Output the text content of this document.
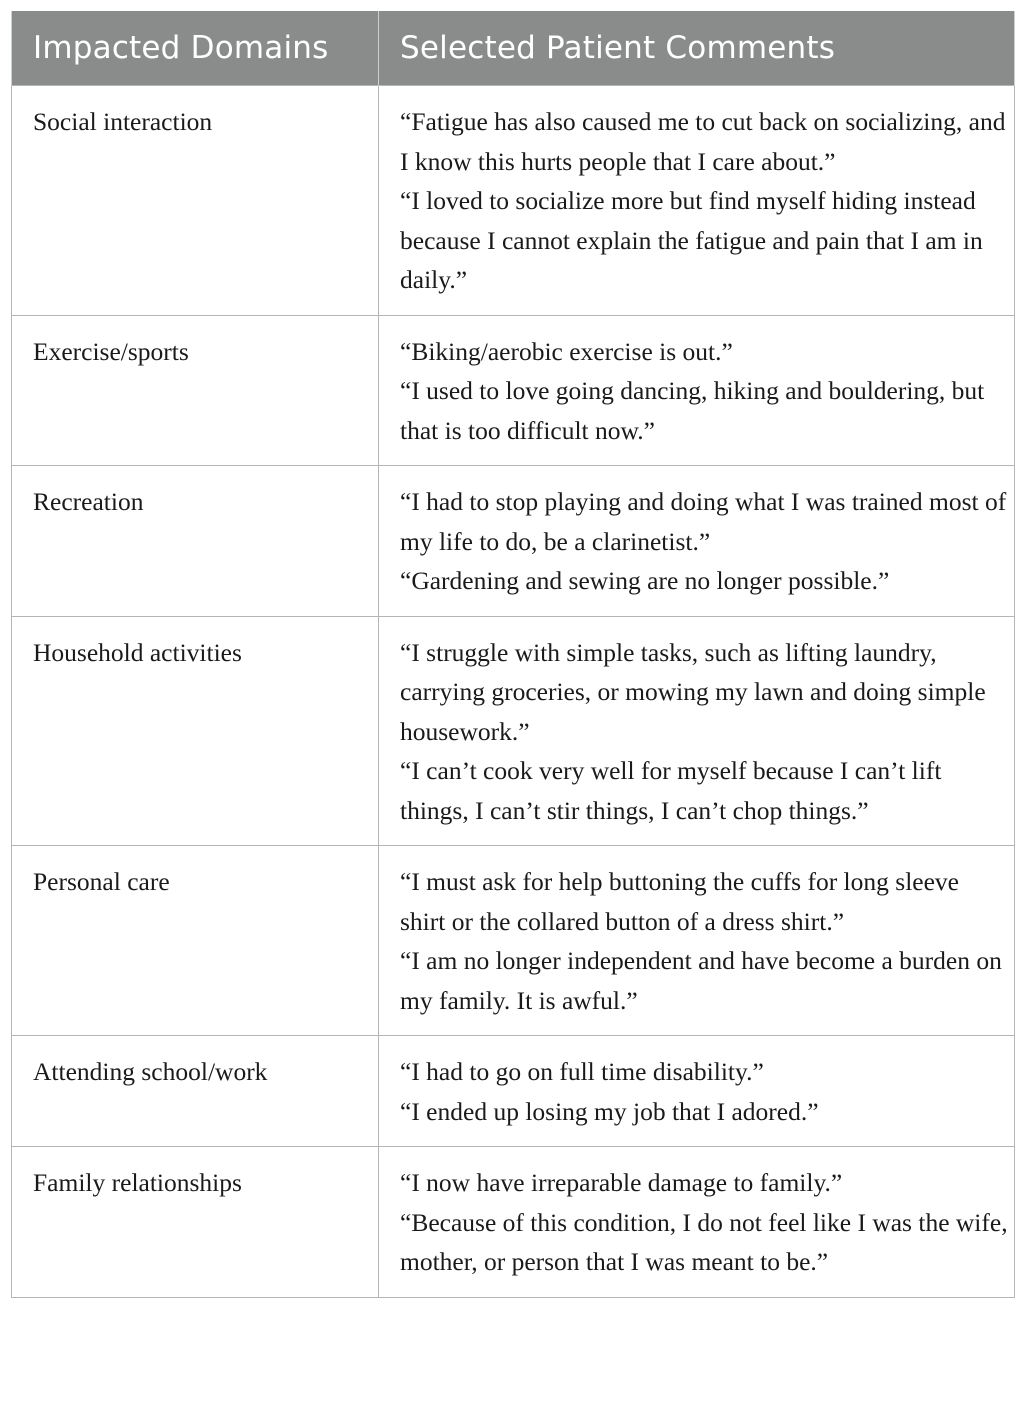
Impacted Domains	Selected Patient Comments
Social interaction	“Fatigue has also caused me to cut back on socializing, and I know this hurts people that I care about.”
“I loved to socialize more but find myself hiding instead because I cannot explain the fatigue and pain that I am in daily.”

Exercise/sports	“Biking/aerobic exercise is out.”
“I used to love going dancing, hiking and bouldering, but that is too difficult now.”

Recreation	“I had to stop playing and doing what I was trained most of my life to do, be a clarinetist.”
“Gardening and sewing are no longer possible.”

Household activities	“I struggle with simple tasks, such as lifting laundry, carrying groceries, or mowing my lawn and doing simple housework.”
“I can’t cook very well for myself because I can’t lift things, I can’t stir things, I can’t chop things.”

Personal care	“I must ask for help buttoning the cuffs for long sleeve shirt or the collared button of a dress shirt.”
“I am no longer independent and have become a burden on my family. It is awful.”

Attending school/work	“I had to go on full time disability.”
“I ended up losing my job that I adored.”

Family relationships	“I now have irreparable damage to family.”
“Because of this condition, I do not feel like I was the wife, mother, or person that I was meant to be.”
